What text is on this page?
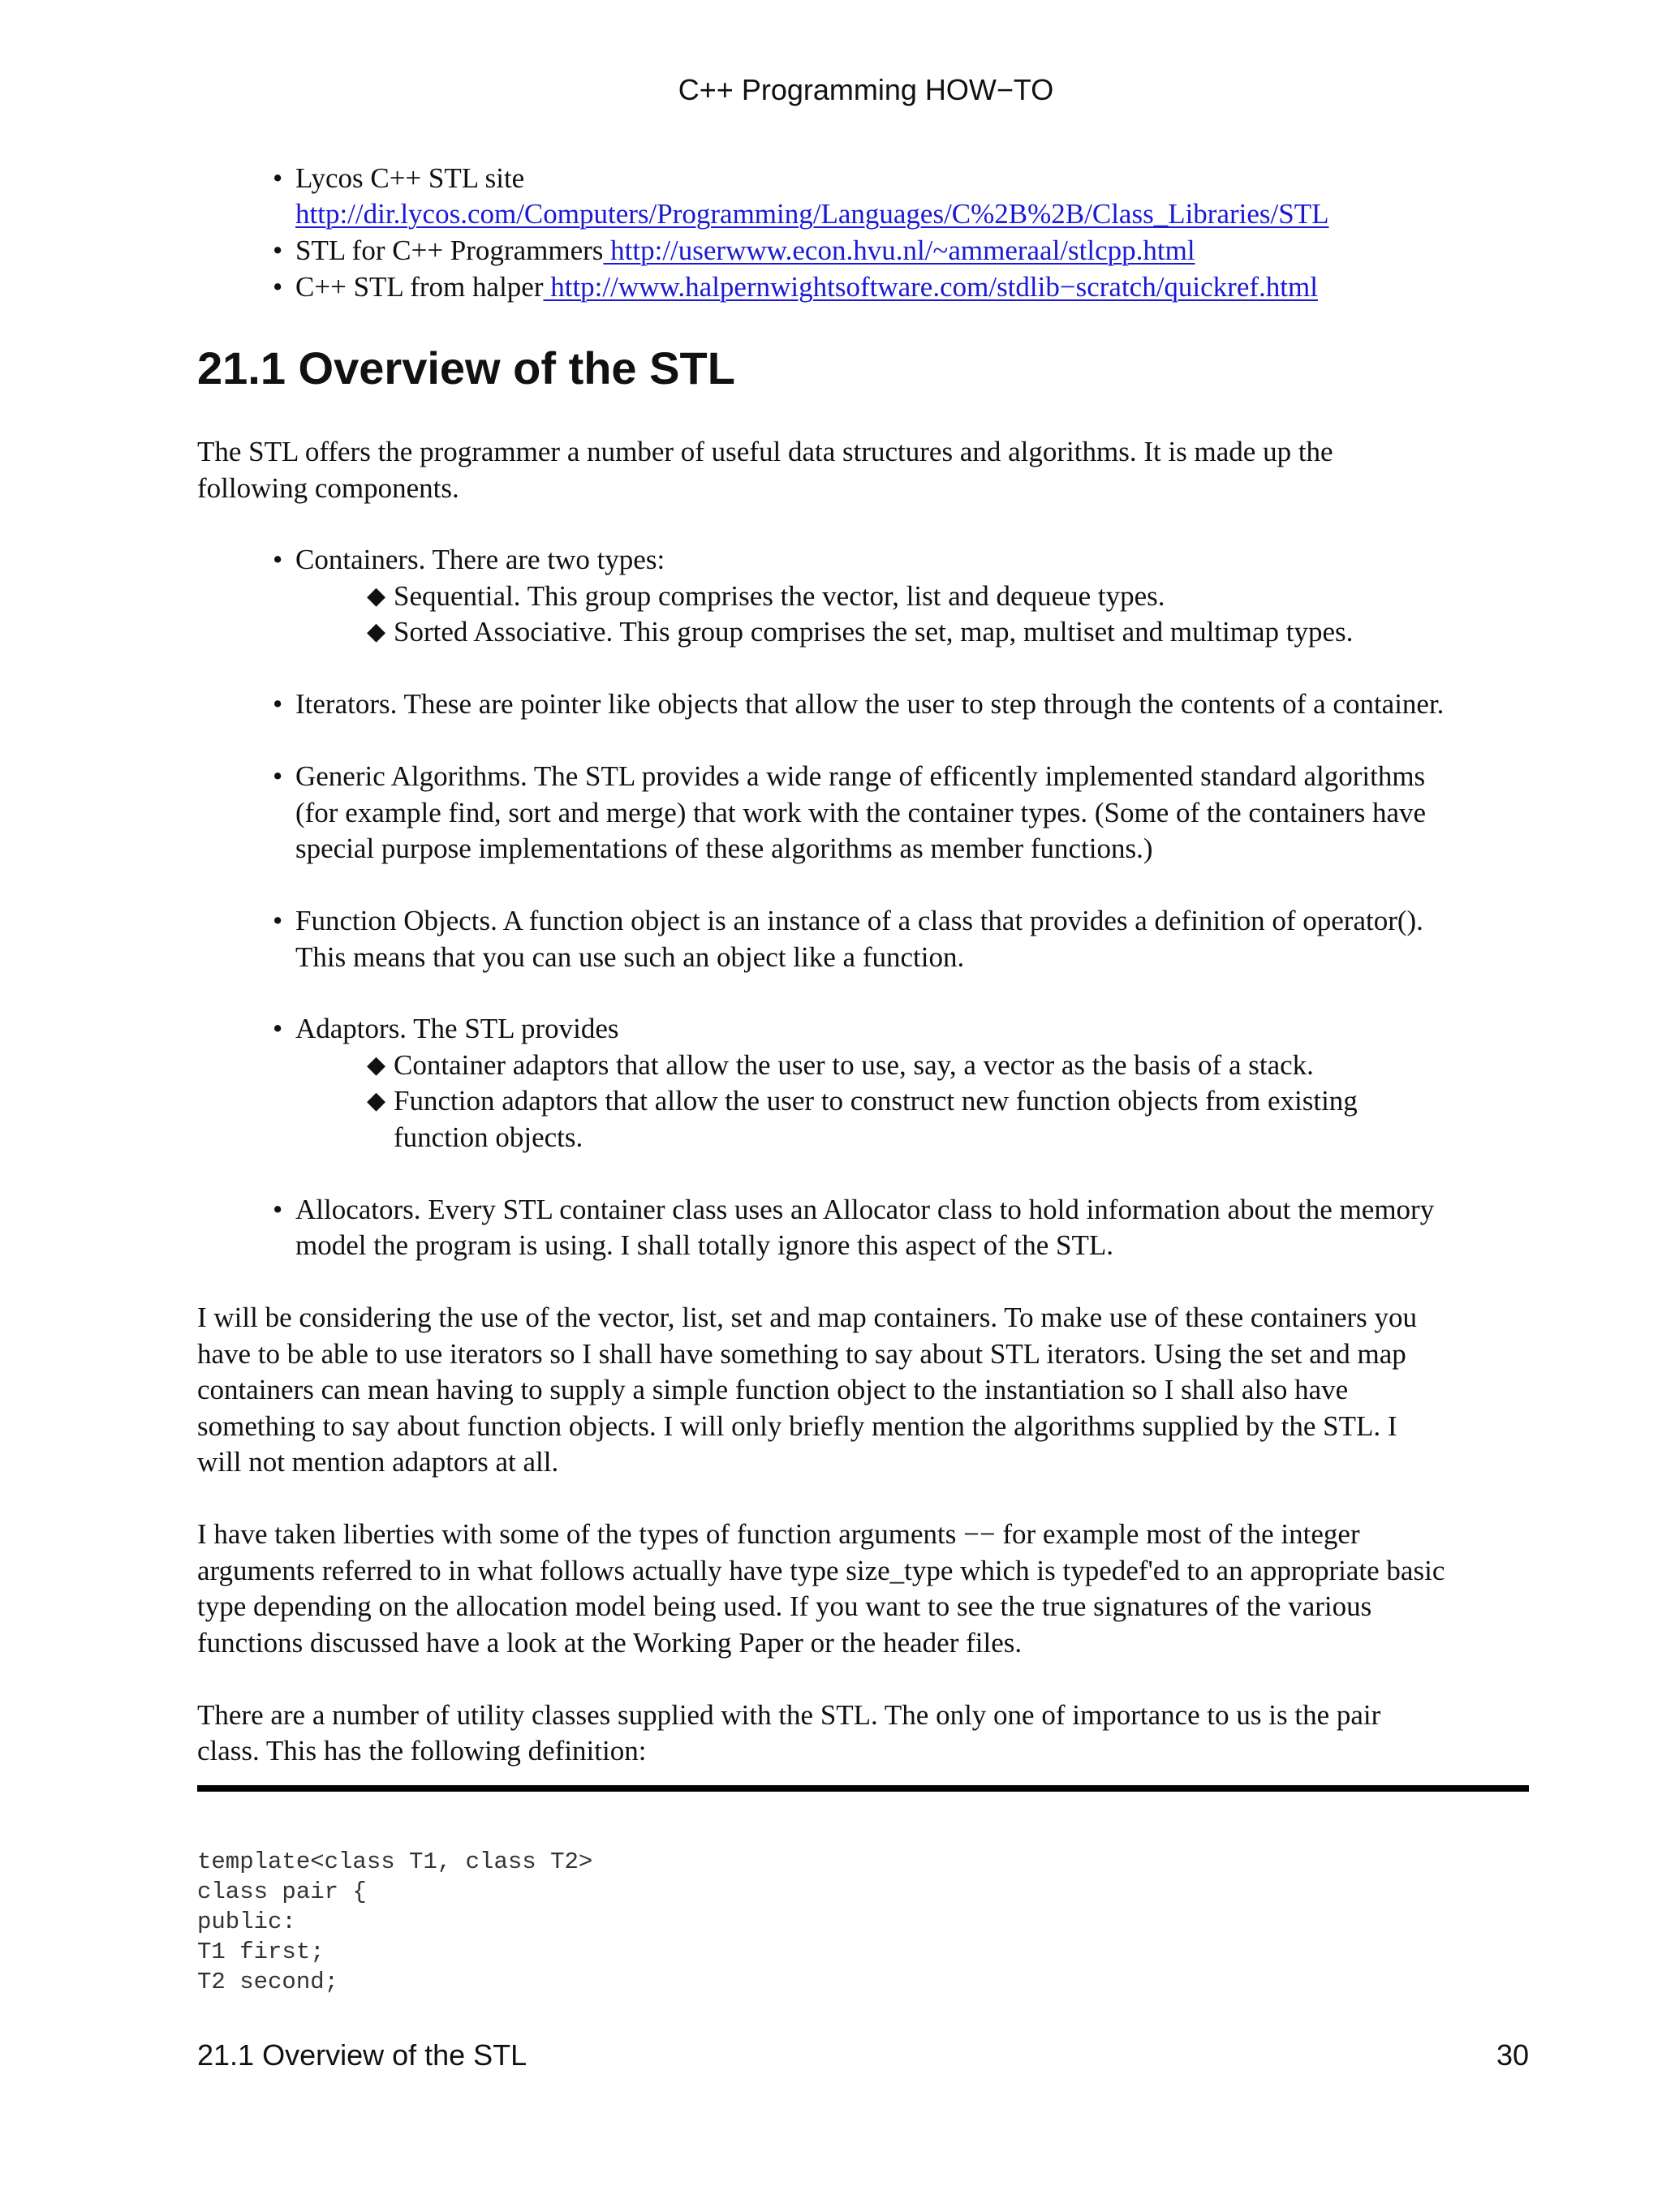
C++ Programming HOW−TO
• Lycos C++ STL site
http://dir.lycos.com/Computers/Programming/Languages/C%2B%2B/Class_Libraries/STL
• STL for C++ Programmers http://userwww.econ.hvu.nl/~ammeraal/stlcpp.html
• C++ STL from halper http://www.halpernwightsoftware.com/stdlib−scratch/quickref.html
21.1 Overview of the STL
The STL offers the programmer a number of useful data structures and algorithms. It is made up the
following components.
• Containers. There are two types:
◆ Sequential. This group comprises the vector, list and dequeue types.
◆ Sorted Associative. This group comprises the set, map, multiset and multimap types.
• Iterators. These are pointer like objects that allow the user to step through the contents of a container.
• Generic Algorithms. The STL provides a wide range of efficently implemented standard algorithms
(for example find, sort and merge) that work with the container types. (Some of the containers have
special purpose implementations of these algorithms as member functions.)
• Function Objects. A function object is an instance of a class that provides a definition of operator().
This means that you can use such an object like a function.
• Adaptors. The STL provides
◆ Container adaptors that allow the user to use, say, a vector as the basis of a stack.
◆ Function adaptors that allow the user to construct new function objects from existing
function objects.
• Allocators. Every STL container class uses an Allocator class to hold information about the memory
model the program is using. I shall totally ignore this aspect of the STL.
I will be considering the use of the vector, list, set and map containers. To make use of these containers you
have to be able to use iterators so I shall have something to say about STL iterators. Using the set and map
containers can mean having to supply a simple function object to the instantiation so I shall also have
something to say about function objects. I will only briefly mention the algorithms supplied by the STL. I
will not mention adaptors at all.
I have taken liberties with some of the types of function arguments −− for example most of the integer
arguments referred to in what follows actually have type size_type which is typedef'ed to an appropriate basic
type depending on the allocation model being used. If you want to see the true signatures of the various
functions discussed have a look at the Working Paper or the header files.
There are a number of utility classes supplied with the STL. The only one of importance to us is the pair
class. This has the following definition:
template<class T1, class T2>
class pair {
public:
T1 first;
T2 second;
21.1 Overview of the STL	30
